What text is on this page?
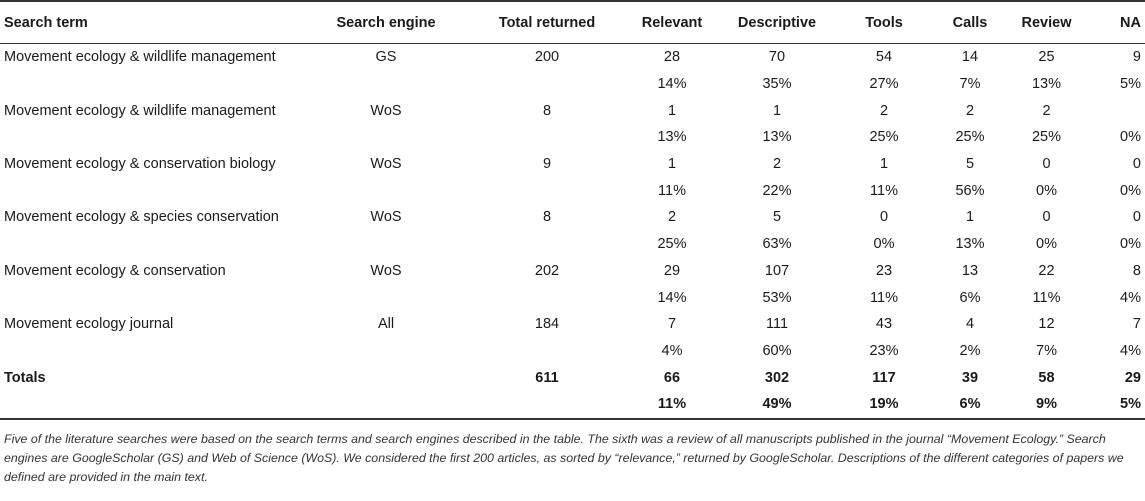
Search term	Search engine	Total returned	Relevant	Descriptive	Tools	Calls	Review	NA
Movement ecology & wildlife management	GS	200	28	70	54	14	25	9
			14%	35%	27%	7%	13%	5%
Movement ecology & wildlife management	WoS	8	1	1	2	2	2	
			13%	13%	25%	25%	25%	0%
Movement ecology & conservation biology	WoS	9	1	2	1	5	0	0
			11%	22%	11%	56%	0%	0%
Movement ecology & species conservation	WoS	8	2	5	0	1	0	0
			25%	63%	0%	13%	0%	0%
Movement ecology & conservation	WoS	202	29	107	23	13	22	8
			14%	53%	11%	6%	11%	4%
Movement ecology journal	All	184	7	111	43	4	12	7
			4%	60%	23%	2%	7%	4%
Totals		611	66	302	117	39	58	29
			11%	49%	19%	6%	9%	5%
Five of the literature searches were based on the search terms and search engines described in the table. The sixth was a review of all manuscripts published in the journal “Movement Ecology.” Search engines are GoogleScholar (GS) and Web of Science (WoS). We considered the first 200 articles, as sorted by “relevance,” returned by GoogleScholar. Descriptions of the different categories of papers we defined are provided in the main text.
